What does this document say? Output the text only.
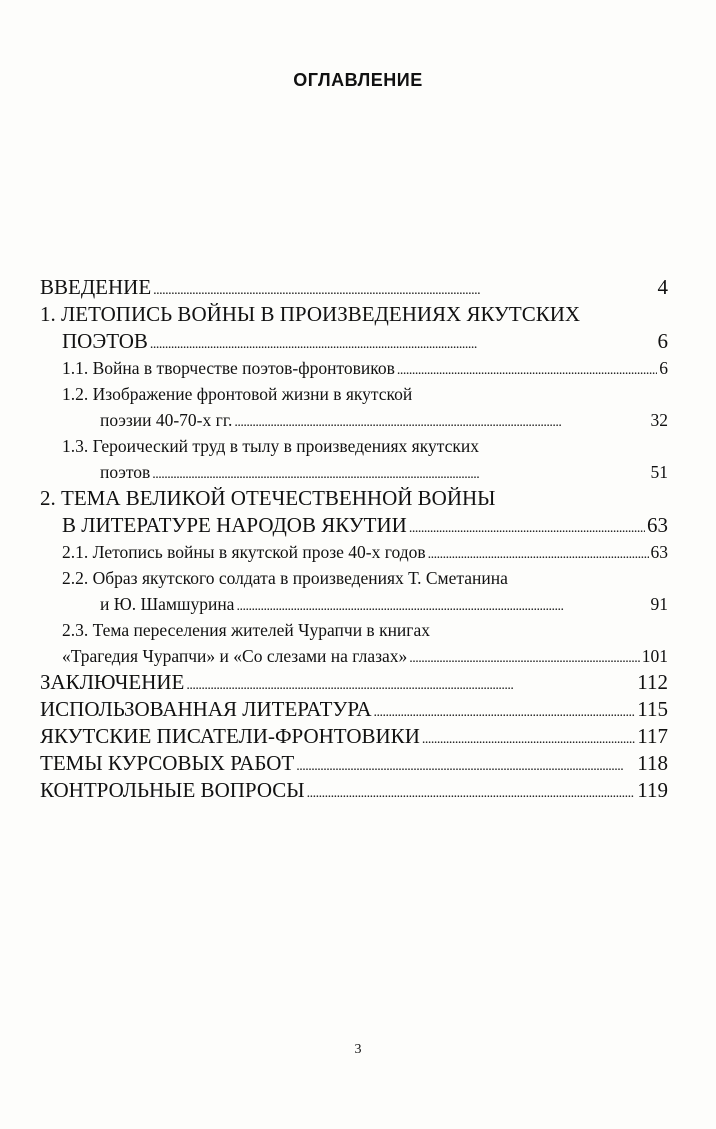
ОГЛАВЛЕНИЕ
ВВЕДЕНИЕ . . .	4
1. ЛЕТОПИСЬ ВОЙНЫ В ПРОИЗВЕДЕНИЯХ ЯКУТСКИХ
ПОЭТОВ . . .	6
1.1. Война в творчестве поэтов-фронтовиков . . .	6
1.2. Изображение фронтовой жизни в якутской
поэзии 40-70-х гг. . . .	32
1.3. Героический труд в тылу в произведениях якутских
поэтов . . .	51
2. ТЕМА ВЕЛИКОЙ ОТЕЧЕСТВЕННОЙ ВОЙНЫ
В ЛИТЕРАТУРЕ НАРОДОВ ЯКУТИИ . . .	63
2.1. Летопись войны в якутской прозе 40-х годов . . .	63
2.2. Образ якутского солдата в произведениях Т. Сметанина
и Ю. Шамшурина . . .	91
2.3. Тема переселения жителей Чурапчи в книгах
«Трагедия Чурапчи» и «Со слезами на глазах» . . .	101
ЗАКЛЮЧЕНИЕ . . .	112
ИСПОЛЬЗОВАННАЯ ЛИТЕРАТУРА . . .	115
ЯКУТСКИЕ ПИСАТЕЛИ-ФРОНТОВИКИ . . .	117
ТЕМЫ КУРСОВЫХ РАБОТ . . .	118
КОНТРОЛЬНЫЕ ВОПРОСЫ . . .	119
3
